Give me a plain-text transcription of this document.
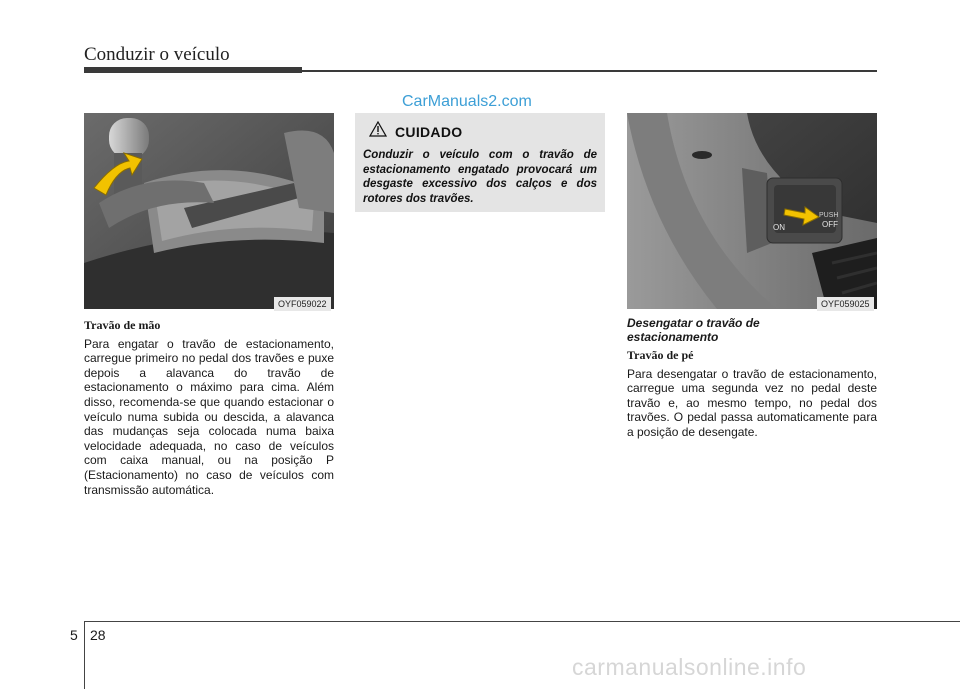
Conduzir o veículo
CarManuals2.com
OYF059022
CUIDADO
Conduzir o veículo com o travão de estacionamento engatado provocará um desgaste excessivo dos calços e dos rotores dos travões.
ON
PUSH
OFF
OYF059025
Travão de mão
Para engatar o travão de estacionamento, carregue primeiro no pedal dos travões e puxe depois a alavanca do travão de estacionamento o máximo para cima. Além disso, recomenda-se que quando estacionar o veículo numa subida ou descida, a alavanca das mudanças seja colocada numa baixa velocidade adequada, no caso de veículos com caixa manual, ou na posição P (Estacionamento) no caso de veículos com transmissão automática.
Desengatar o travão de estacionamento
Travão de pé
Para desengatar o travão de estacionamento, carregue uma segunda vez no pedal deste travão e, ao mesmo tempo, no pedal dos travões. O pedal passa automaticamente para a posição de desengate.
5 28
carmanualsonline.info
